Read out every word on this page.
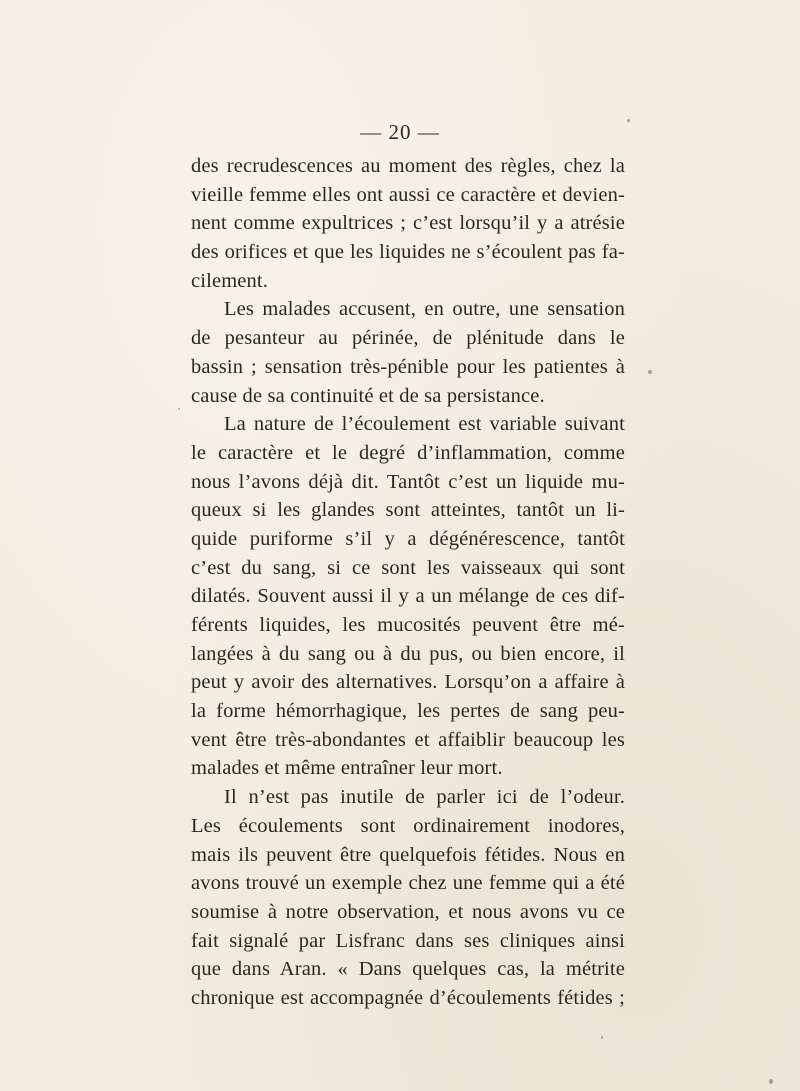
— 20 —
des recrudescences au moment des règles, chez la
vieille femme elles ont aussi ce caractère et devien-
nent comme expultrices ; c’est lorsqu’il y a atrésie
des orifices et que les liquides ne s’écoulent pas fa-
cilement.
Les malades accusent, en outre, une sensation
de pesanteur au périnée, de plénitude dans le
bassin ; sensation très-pénible pour les patientes à
cause de sa continuité et de sa persistance.
La nature de l’écoulement est variable suivant
le caractère et le degré d’inflammation, comme
nous l’avons déjà dit. Tantôt c’est un liquide mu-
queux si les glandes sont atteintes, tantôt un li-
quide puriforme s’il y a dégénérescence, tantôt
c’est du sang, si ce sont les vaisseaux qui sont
dilatés. Souvent aussi il y a un mélange de ces dif-
férents liquides, les mucosités peuvent être mé-
langées à du sang ou à du pus, ou bien encore, il
peut y avoir des alternatives. Lorsqu’on a affaire à
la forme hémorrhagique, les pertes de sang peu-
vent être très-abondantes et affaiblir beaucoup les
malades et même entraîner leur mort.
Il n’est pas inutile de parler ici de l’odeur.
Les écoulements sont ordinairement inodores,
mais ils peuvent être quelquefois fétides. Nous en
avons trouvé un exemple chez une femme qui a été
soumise à notre observation, et nous avons vu ce
fait signalé par Lisfranc dans ses cliniques ainsi
que dans Aran. « Dans quelques cas, la métrite
chronique est accompagnée d’écoulements fétides ;
